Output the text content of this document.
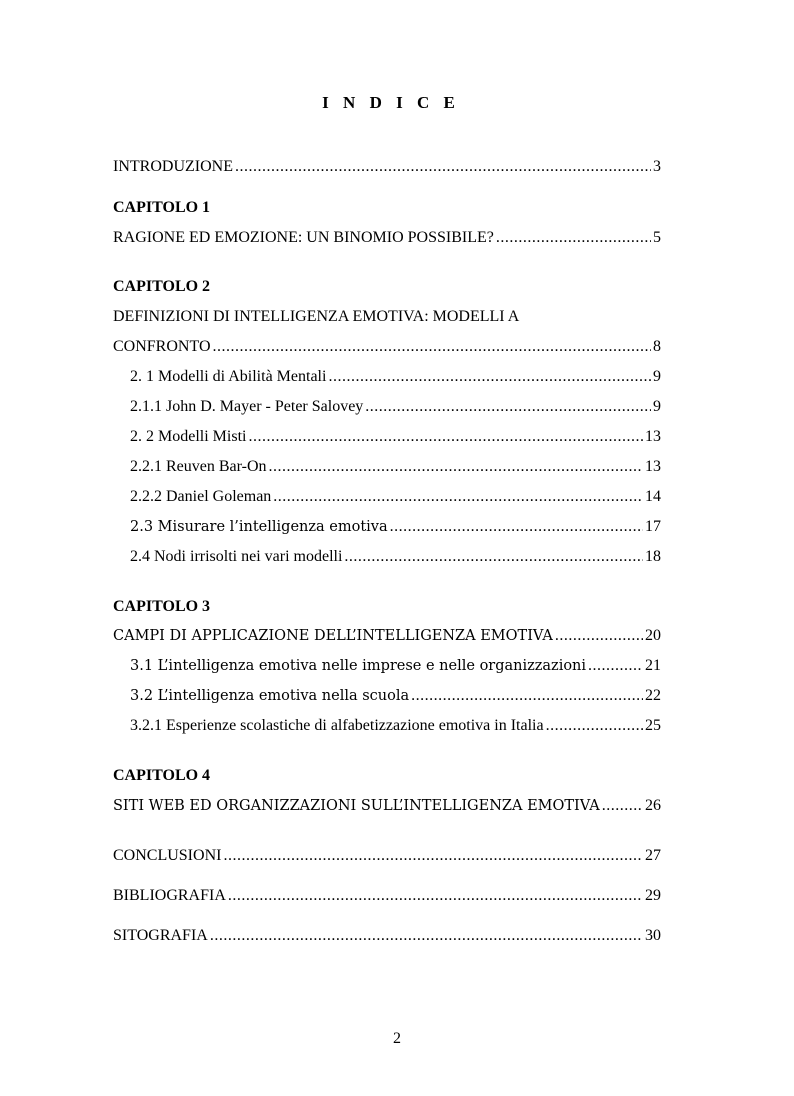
I N D I C E
INTRODUZIONE .....	3
CAPITOLO 1
RAGIONE ED EMOZIONE: UN BINOMIO POSSIBILE? .....	5
CAPITOLO 2
DEFINIZIONI DI INTELLIGENZA EMOTIVA: MODELLI A
CONFRONTO .....	8
2. 1 Modelli di Abilità Mentali .....	9
2.1.1 John D. Mayer - Peter Salovey .....	9
2. 2 Modelli Misti .....	13
2.2.1 Reuven Bar-On .....	13
2.2.2 Daniel Goleman .....	14
2.3 Misurare l’intelligenza emotiva .....	17
2.4 Nodi irrisolti nei vari modelli .....	18
CAPITOLO 3
CAMPI DI APPLICAZIONE DELL’INTELLIGENZA EMOTIVA .....	20
3.1 L’intelligenza emotiva nelle imprese e nelle organizzazioni .....	21
3.2 L’intelligenza emotiva nella scuola .....	22
3.2.1 Esperienze scolastiche di alfabetizzazione emotiva in Italia .....	25
CAPITOLO 4
SITI WEB ED ORGANIZZAZIONI SULL’INTELLIGENZA EMOTIVA .....	26
CONCLUSIONI .....	27
BIBLIOGRAFIA .....	29
SITOGRAFIA .....	30
2
